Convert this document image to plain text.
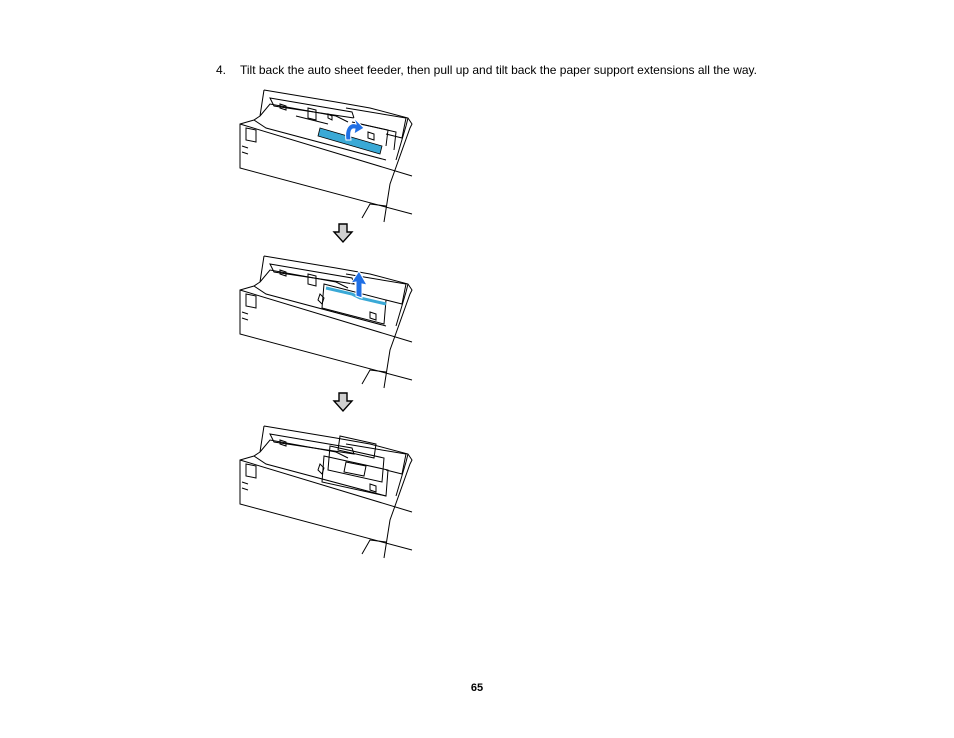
4. Tilt back the auto sheet feeder, then pull up and tilt back the paper support extensions all the way.
65
